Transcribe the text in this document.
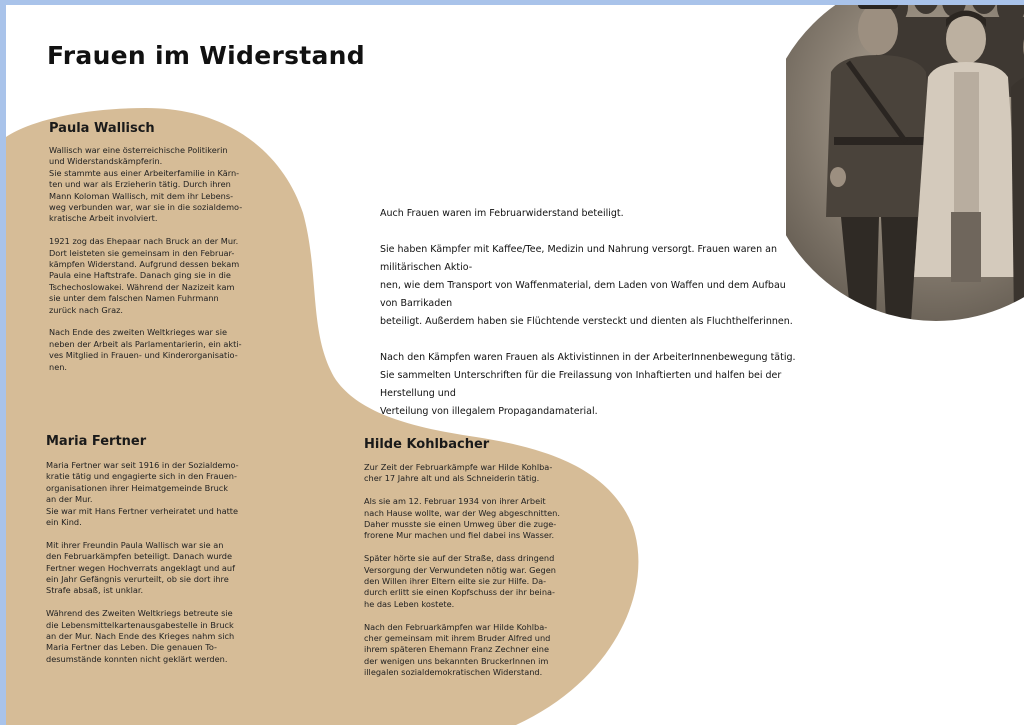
Frauen im Widerstand

Auch Frauen waren im Februarwiderstand beteiligt.

Sie haben Kämpfer mit Kaffee/Tee, Medizin und Nahrung versorgt. Frauen waren an militärischen Aktio-
nen, wie dem Transport von Waffenmaterial, dem Laden von Waffen und dem Aufbau von Barrikaden
beteiligt. Außerdem haben sie Flüchtende versteckt und dienten als Fluchthelferinnen.

Nach den Kämpfen waren Frauen als Aktivistinnen in der ArbeiterInnenbewegung tätig.
Sie sammelten Unterschriften für die Freilassung von Inhaftierten und halfen bei der Herstellung und
Verteilung von illegalem Propagandamaterial.

Paula Wallisch

Wallisch war eine österreichische Politikerin
und Widerstandskämpferin.
Sie stammte aus einer Arbeiterfamilie in Kärn-
ten und war als Erzieherin tätig. Durch ihren
Mann Koloman Wallisch, mit dem ihr Lebens-
weg verbunden war, war sie in die sozialdemo-
kratische Arbeit involviert.

1921 zog das Ehepaar nach Bruck an der Mur.
Dort leisteten sie gemeinsam in den Februar-
kämpfen Widerstand. Aufgrund dessen bekam
Paula eine Haftstrafe. Danach ging sie in die
Tschechoslowakei. Während der Nazizeit kam
sie unter dem falschen Namen Fuhrmann
zurück nach Graz.

Nach Ende des zweiten Weltkrieges war sie
neben der Arbeit als Parlamentarierin, ein akti-
ves Mitglied in Frauen- und Kinderorganisatio-
nen.

Maria Fertner

Maria Fertner war seit 1916 in der Sozialdemo-
kratie tätig und engagierte sich in den Frauen-
organisationen ihrer Heimatgemeinde Bruck
an der Mur.
Sie war mit Hans Fertner verheiratet und hatte
ein Kind.

Mit ihrer Freundin Paula Wallisch war sie an
den Februarkämpfen beteiligt. Danach wurde
Fertner wegen Hochverrats angeklagt und auf
ein Jahr Gefängnis verurteilt, ob sie dort ihre
Strafe absaß, ist unklar.

Während des Zweiten Weltkriegs betreute sie
die Lebensmittelkartenausgabestelle in Bruck
an der Mur. Nach Ende des Krieges nahm sich
Maria Fertner das Leben. Die genauen To-
desumstände konnten nicht geklärt werden.

Hilde Kohlbacher

Zur Zeit der Februarkämpfe war Hilde Kohlba-
cher 17 Jahre alt und als Schneiderin tätig.

Als sie am 12. Februar 1934 von ihrer Arbeit
nach Hause wollte, war der Weg abgeschnitten.
Daher musste sie einen Umweg über die zuge-
frorene Mur machen und fiel dabei ins Wasser.

Später hörte sie auf der Straße, dass dringend
Versorgung der Verwundeten nötig war. Gegen
den Willen ihrer Eltern eilte sie zur Hilfe. Da-
durch erlitt sie einen Kopfschuss der ihr beina-
he das Leben kostete.

Nach den Februarkämpfen war Hilde Kohlba-
cher gemeinsam mit ihrem Bruder Alfred und
ihrem späteren Ehemann Franz Zechner eine
der wenigen uns bekannten BruckerInnen im
illegalen sozialdemokratischen Widerstand.
